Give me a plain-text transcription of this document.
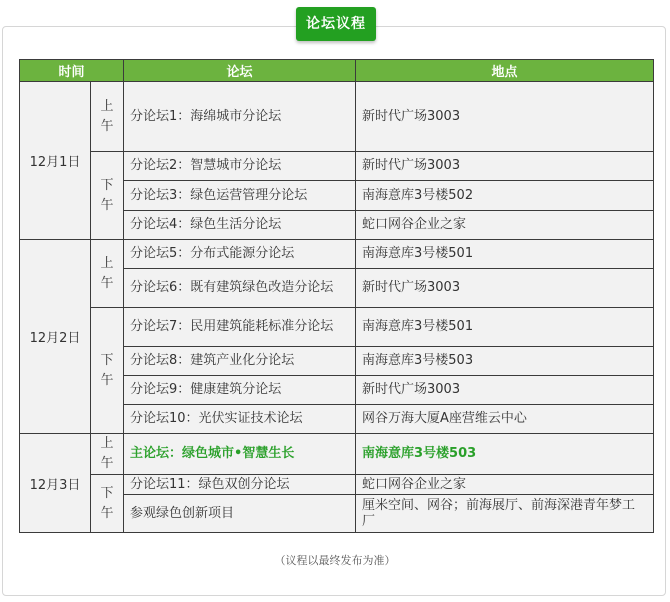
论坛议程
时间		论坛	地点
12月1日	上午	分论坛1：海绵城市分论坛	新时代广场3003
	下午	分论坛2：智慧城市分论坛	新时代广场3003
		分论坛3：绿色运营管理分论坛	南海意库3号楼502
		分论坛4：绿色生活分论坛	蛇口网谷企业之家
12月2日	上午	分论坛5：分布式能源分论坛	南海意库3号楼501
		分论坛6：既有建筑绿色改造分论坛	新时代广场3003
	下午	分论坛7：民用建筑能耗标准分论坛	南海意库3号楼501
		分论坛8：建筑产业化分论坛	南海意库3号楼503
		分论坛9：健康建筑分论坛	新时代广场3003
		分论坛10：光伏实证技术论坛	网谷万海大厦A座营维云中心
12月3日	上午	主论坛：绿色城市•智慧生长	南海意库3号楼503
	下午	分论坛11：绿色双创分论坛	蛇口网谷企业之家
		参观绿色创新项目	厘米空间、网谷；前海展厅、前海深港青年梦工厂
（议程以最终发布为准）
